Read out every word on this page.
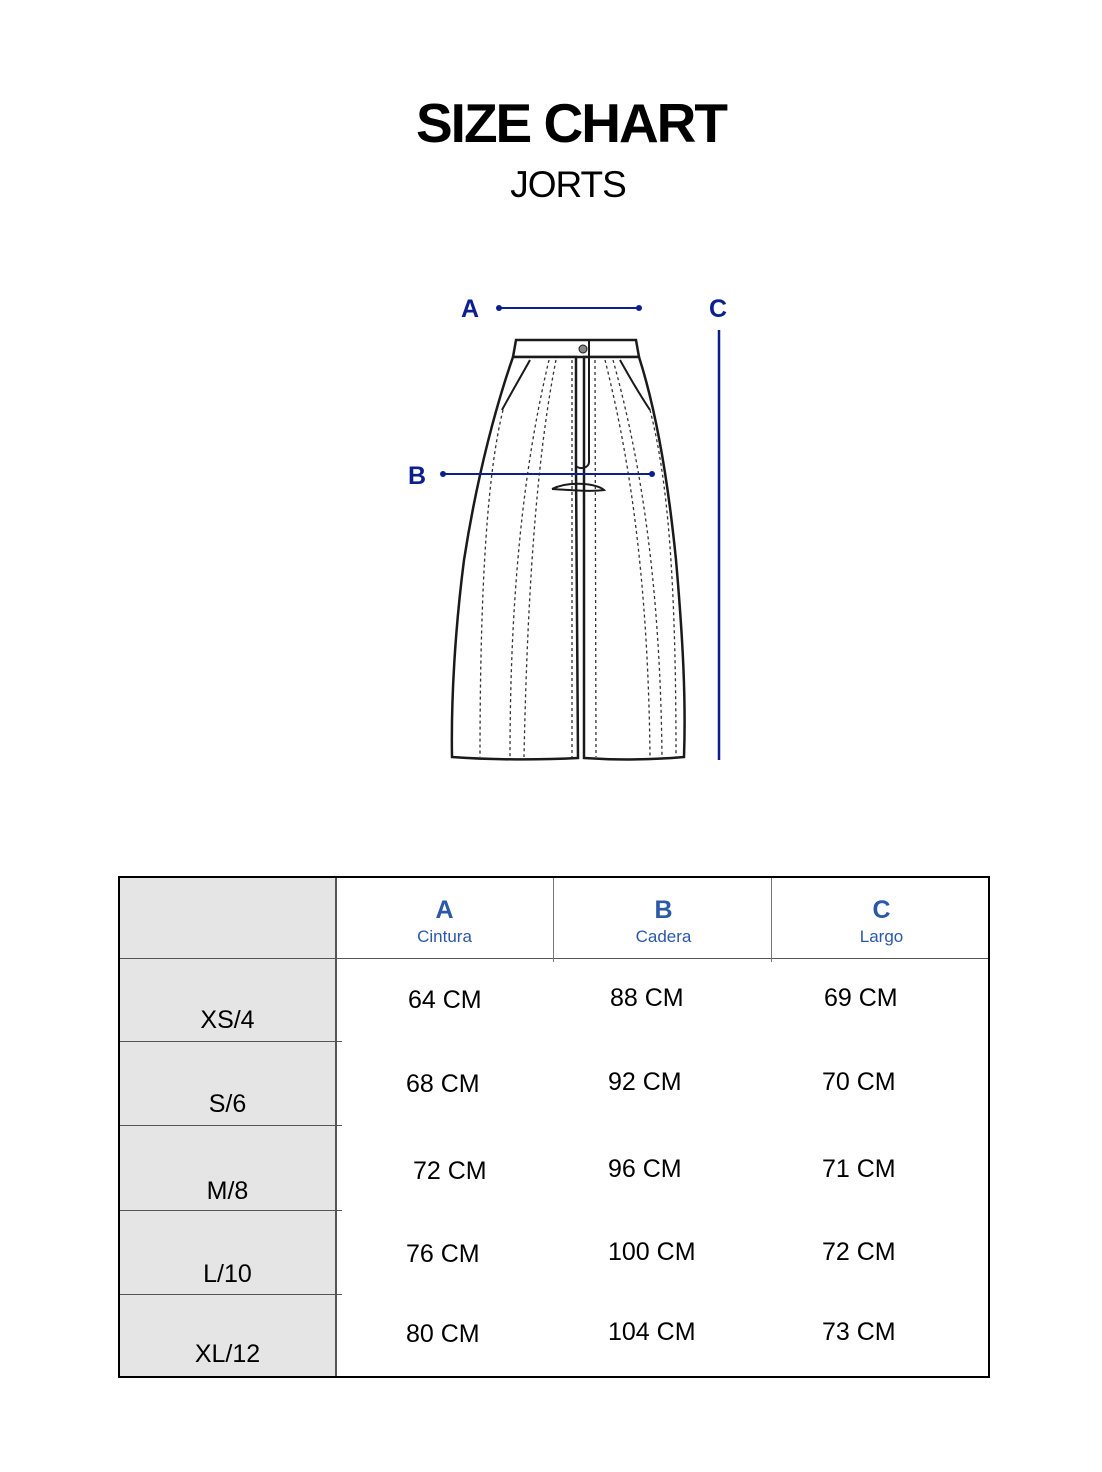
SIZE CHART
JORTS
A
B
C
A
Cintura
B
Cadera
C
Largo
XS/4
64 CM	88 CM	69 CM
S/6
68 CM	92 CM	70 CM
M/8
72 CM	96 CM	71 CM
L/10
76 CM	100 CM	72 CM
XL/12
80 CM	104 CM	73 CM
